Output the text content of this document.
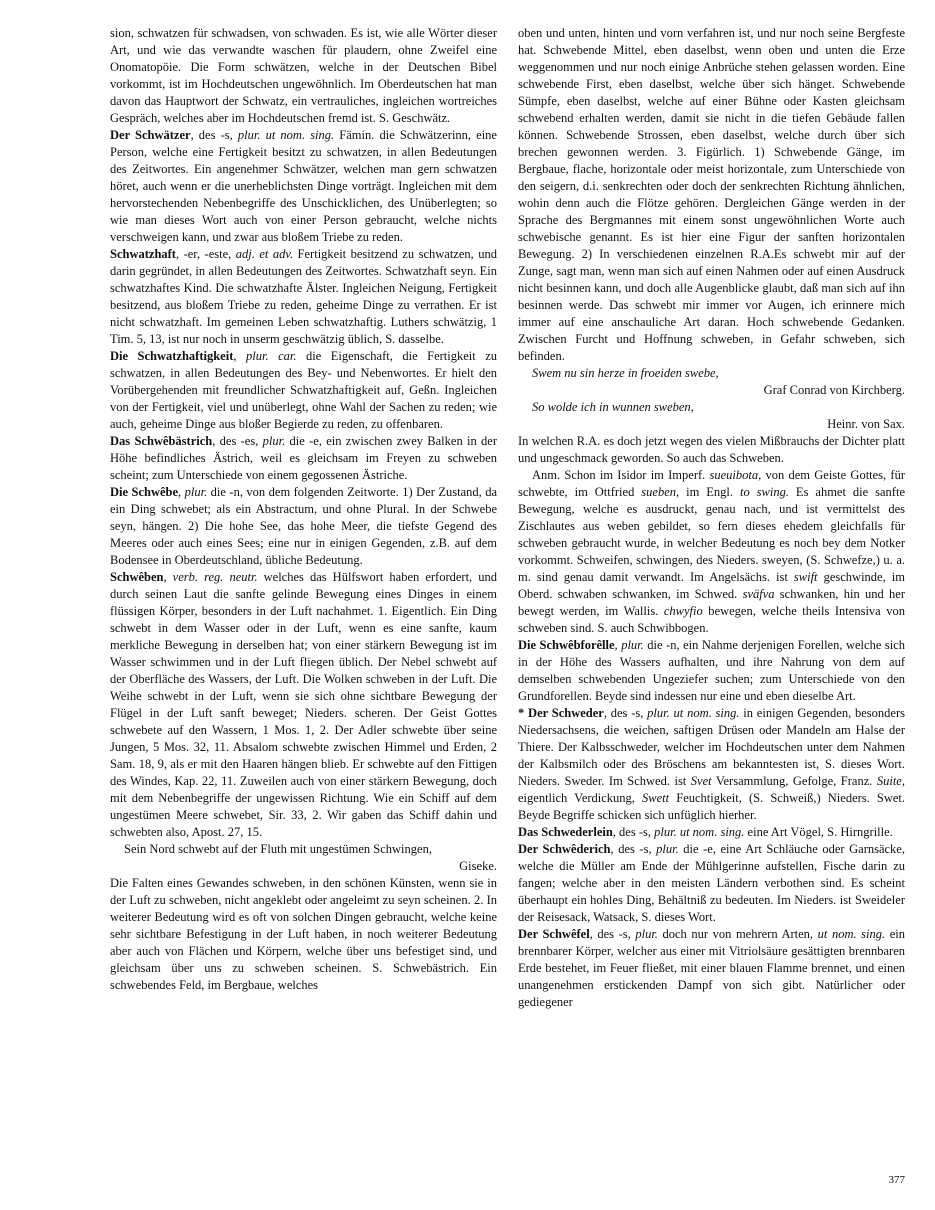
sion, schwatzen für schwadsen, von schwaden. Es ist, wie alle Wörter dieser Art, und wie das verwandte waschen für plaudern, ohne Zweifel eine Onomatopöie. Die Form schwätzen, welche in der Deutschen Bibel vorkommt, ist im Hochdeutschen ungewöhnlich. Im Oberdeutschen hat man davon das Hauptwort der Schwatz, ein vertrauliches, ingleichen wortreiches Gespräch, welches aber im Hochdeutschen fremd ist. S. Geschwätz.

Der Schwätzer, des -s, plur. ut nom. sing. Fämin. die Schwätzerinn, eine Person, welche eine Fertigkeit besitzt zu schwatzen, in allen Bedeutungen des Zeitwortes. Ein angenehmer Schwätzer, welchen man gern schwatzen höret, auch wenn er die unerheblichsten Dinge vorträgt. Ingleichen mit dem hervorstechenden Nebenbegriffe des Unschicklichen, des Unüberlegten; so wie man dieses Wort auch von einer Person gebraucht, welche nichts verschweigen kann, und zwar aus bloßem Triebe zu reden.

Schwatzhaft, -er, -este, adj. et adv. Fertigkeit besitzend zu schwatzen, und darin gegründet, in allen Bedeutungen des Zeitwortes. Schwatzhaft seyn. Ein schwatzhaftes Kind. Die schwatzhafte Älster. Ingleichen Neigung, Fertigkeit besitzend, aus bloßem Triebe zu reden, geheime Dinge zu verrathen. Er ist nicht schwatzhaft. Im gemeinen Leben schwatzhaftig. Luthers schwätzig, 1 Tim. 5, 13, ist nur noch in unserm geschwätzig üblich, S. dasselbe.

Die Schwatzhaftigkeit, plur. car. die Eigenschaft, die Fertigkeit zu schwatzen, in allen Bedeutungen des Bey- und Nebenwortes. Er hielt den Vorübergehenden mit freundlicher Schwatzhaftigkeit auf, Geßn. Ingleichen von der Fertigkeit, viel und unüberlegt, ohne Wahl der Sachen zu reden; wie auch, geheime Dinge aus bloßer Begierde zu reden, zu offenbaren.

Das Schwêbästrich, des -es, plur. die -e, ein zwischen zwey Balken in der Höhe befindliches Ästrich, weil es gleichsam im Freyen zu schweben scheint; zum Unterschiede von einem gegossenen Ästriche.

Die Schwêbe, plur. die -n, von dem folgenden Zeitworte. 1) Der Zustand, da ein Ding schwebet; als ein Abstractum, und ohne Plural. In der Schwebe seyn, hängen. 2) Die hohe See, das hohe Meer, die tiefste Gegend des Meeres oder auch eines Sees; eine nur in einigen Gegenden, z.B. auf dem Bodensee in Oberdeutschland, übliche Bedeutung.

Schwêben, verb. reg. neutr. welches das Hülfswort haben erfordert, und durch seinen Laut die sanfte gelinde Bewegung eines Dinges in einem flüssigen Körper, besonders in der Luft nachahmet. 1. Eigentlich. Ein Ding schwebt in dem Wasser oder in der Luft, wenn es eine sanfte, kaum merkliche Bewegung in derselben hat; von einer stärkern Bewegung ist im Wasser schwimmen und in der Luft fliegen üblich. Der Nebel schwebt auf der Oberfläche des Wassers, der Luft. Die Wolken schweben in der Luft. Die Weihe schwebt in der Luft, wenn sie sich ohne sichtbare Bewegung der Flügel in der Luft sanft beweget; Nieders. scheren. Der Geist Gottes schwebete auf den Wassern, 1 Mos. 1, 2. Der Adler schwebte über seine Jungen, 5 Mos. 32, 11. Absalom schwebte zwischen Himmel und Erden, 2 Sam. 18, 9, als er mit den Haaren hängen blieb. Er schwebte auf den Fittigen des Windes, Kap. 22, 11. Zuweilen auch von einer stärkern Bewegung, doch mit dem Nebenbegriffe der ungewissen Richtung. Wie ein Schiff auf dem ungestümen Meere schwebet, Sir. 33, 2. Wir gaben das Schiff dahin und schwebten also, Apost. 27, 15.

Sein Nord schwebt auf der Fluth mit ungestümen Schwingen,

Giseke.

Die Falten eines Gewandes schweben, in den schönen Künsten, wenn sie in der Luft zu schweben, nicht angeklebt oder angeleimt zu seyn scheinen. 2. In weiterer Bedeutung wird es oft von solchen Dingen gebraucht, welche keine sehr sichtbare Befestigung in der Luft haben, in noch weiterer Bedeutung aber auch von Flächen und Körpern, welche über uns befestiget sind, und gleichsam über uns zu schweben scheinen. S. Schwebästrich. Ein schwebendes Feld, im Bergbaue, welches

oben und unten, hinten und vorn verfahren ist, und nur noch seine Bergfeste hat. Schwebende Mittel, eben daselbst, wenn oben und unten die Erze weggenommen und nur noch einige Anbrüche stehen gelassen worden. Eine schwebende First, eben daselbst, welche über sich hänget. Schwebende Sümpfe, eben daselbst, welche auf einer Bühne oder Kasten gleichsam schwebend erhalten werden, damit sie nicht in die tiefen Gebäude fallen können. Schwebende Strossen, eben daselbst, welche durch über sich brechen gewonnen werden. 3. Figürlich. 1) Schwebende Gänge, im Bergbaue, flache, horizontale oder meist horizontale, zum Unterschiede von den seigern, d.i. senkrechten oder doch der senkrechten Richtung ähnlichen, wohin denn auch die Flötze gehören. Dergleichen Gänge werden in der Sprache des Bergmannes mit einem sonst ungewöhnlichen Worte auch schwebische genannt. Es ist hier eine Figur der sanften horizontalen Bewegung. 2) In verschiedenen einzelnen R.A.Es schwebt mir auf der Zunge, sagt man, wenn man sich auf einen Nahmen oder auf einen Ausdruck nicht besinnen kann, und doch alle Augenblicke glaubt, daß man sich auf ihn besinnen werde. Das schwebt mir immer vor Augen, ich erinnere mich immer auf eine anschauliche Art daran. Hoch schwebende Gedanken. Zwischen Furcht und Hoffnung schweben, in Gefahr schweben, sich befinden.

Swem nu sin herze in froeiden swebe,

Graf Conrad von Kirchberg.

So wolde ich in wunnen sweben,

Heinr. von Sax.

In welchen R.A. es doch jetzt wegen des vielen Mißbrauchs der Dichter platt und ungeschmack geworden. So auch das Schweben.

Anm. Schon im Isidor im Imperf. sueuibota, von dem Geiste Gottes, für schwebte, im Ottfried sueben, im Engl. to swing. Es ahmet die sanfte Bewegung, welche es ausdruckt, genau nach, und ist vermittelst des Zischlautes aus weben gebildet, so fern dieses ehedem gleichfalls für schweben gebraucht wurde, in welcher Bedeutung es noch bey dem Notker vorkommt. Schweifen, schwingen, des Nieders. sweyen, (S. Schwefze,) u. a. m. sind genau damit verwandt. Im Angelsächs. ist swift geschwinde, im Oberd. schwaben schwanken, im Schwed. sväfva schwanken, hin und her bewegt werden, im Wallis. chwyfio bewegen, welche theils Intensiva von schweben sind. S. auch Schwibbogen.

Die Schwêbforêlle, plur. die -n, ein Nahme derjenigen Forellen, welche sich in der Höhe des Wassers aufhalten, und ihre Nahrung von dem auf demselben schwebenden Ungeziefer suchen; zum Unterschiede von den Grundforellen. Beyde sind indessen nur eine und eben dieselbe Art.

* Der Schweder, des -s, plur. ut nom. sing. in einigen Gegenden, besonders Niedersachsens, die weichen, saftigen Drüsen oder Mandeln am Halse der Thiere. Der Kalbsschweder, welcher im Hochdeutschen unter dem Nahmen der Kalbsmilch oder des Bröschens am bekanntesten ist, S. dieses Wort. Nieders. Sweder. Im Schwed. ist Svet Versammlung, Gefolge, Franz. Suite, eigentlich Verdickung, Swett Feuchtigkeit, (S. Schweiß,) Nieders. Swet. Beyde Begriffe schicken sich unfüglich hierher.

Das Schwederlein, des -s, plur. ut nom. sing. eine Art Vögel, S. Hirngrille.

Der Schwêderich, des -s, plur. die -e, eine Art Schläuche oder Garnsäcke, welche die Müller am Ende der Mühlgerinne aufstellen, Fische darin zu fangen; welche aber in den meisten Ländern verbothen sind. Es scheint überhaupt ein hohles Ding, Behältniß zu bedeuten. Im Nieders. ist Sweideler der Reisesack, Watsack, S. dieses Wort.

Der Schwêfel, des -s, plur. doch nur von mehrern Arten, ut nom. sing. ein brennbarer Körper, welcher aus einer mit Vitriolsäure gesättigten brennbaren Erde bestehet, im Feuer fließet, mit einer blauen Flamme brennet, und einen unangenehmen erstickenden Dampf von sich gibt. Natürlicher oder gediegener

377
